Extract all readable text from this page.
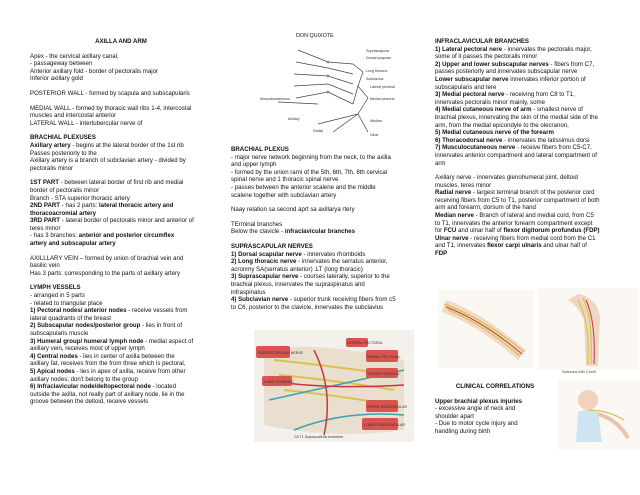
DON QUIXOTE
AXILLA AND ARM
Apex - the cervical axillary canal,
- passageway between
Anterior axillary fold - border of pectoralis major
Inferior axillary gold
POSTERIOR WALL - formed by scapula and subscapularis
MEDIAL WALL - formed by thoracic wall ribs 1-4, intercostal
muscles and intercostal anterior
LATERAL WALL - intertubercular nerve of
BRACHIAL PLEXUSES
Axillary artery - begins at the lateral border of the 1st rib
Passes posteriorly to the
Axillary artery is a branch of subclavian artery - divided by
pectoralis minor
1ST PART - between lateral border of first rib and medial
border of pectoralis minor
Branch - STA superior thoracic artery
2ND PART - has 2 parts: lateral thoracic artery and thoracoacromial artery
3RD PART - lateral border of pectoralis minor and anterior of
teres minor
- has 3 branches: anterior and posterior circumflex
artery and subscapular artery
AXILLLARY VEIN – formed by union of brachial vein and
basilic vein
Has 3 parts: corresponding to the parts of axillary artery
LYMPH VESSELS
- arranged in 5 parts
- related to triangular place
1) Pectoral nodes/ anterior nodes - receive vessels from
lateral quadrants of the breast
2) Subscapular nodes/posterior group - lies in front of
subscapularis muscle
3) Humeral group/ humeral lymph node - medial aspect of
axillary vein, receives most of upper lymph
4) Central nodes - lies in center of axilla between the
axillary fat, receives from the from three which is pectoral,
5) Apical nodes - lies in apex of axilla, receive from other
axillary nodes; don't belong to the group
6) Infraclavicular node/deltopectoral node - located
outside the axilla, not really part of axillary node, lie in the
groove between the deltoid, receive vessels
Suprascapular
Dorsal scapular
Long thoracic
Subclavius
Lateral pectoral
Medial pectoral
Musculocutaneous
Axillary
Radial
Median
Ulnar
BRACHIAL PLEXUS
- major nerve network beginning from the neck, to the axilla
and upper lymph
- formed by the union rami of the 5th, 6th, 7th, 8th cervical
spinal nerve and 1 thoracic spinal nerve
- passes between the anterior scalene and the middle
scalene together with subclavian artery
Naay relation sa second aprt sa axillarya rtery
TErminal branches
Below the clavicle - infraclavicular branches
SUPRASCAPULAR NERVES
1) Dorsal scapular nerve - innervates rhomboids
2) Long thoracic nerve - innervates the serratus anterior,
acronmy SA(serratus anterior) .LT (long thoracic)
3) Suprascapular nerve - courses laterally, superior to the
brachial plexus, innervates the supraspinatus and
infraspinatus
4) Subclavian nerve - superior trunk receiving fibers from c5
to C6, posterior to the clavicle, innervates the subclavius
SUPRASCAPULAR NERVE
LATERAL PECTORAL
MEDIAL PECTORAL
THORACODORSAL
LONG THORACIC
UPPER SUBSCAPULAR
LOWER SUBSCAPULAR
C8 T1 Suprascalenic branches
INFRACLAVICULAR BRANCHES
1) Lateral pectoral nere - innervates the pectoralis major,
some of it passes the pectoralis minor
2) Upper and lower subscapular nerves - fibers from C7,
passes posteriorly and innervates subscapular nerve
Lower subscapular nerve innervates inferior portion of
subscapularis and tere
3) Medial pectoral nerve - receiving from C8 to T1,
innervates pectoralis minor mainly, some
4) Medial cutaneous nerve of arm - smallest nerve of
brachial plexus, innervating the skin of the medial side of the
arm, from the medial epicondyle to the olecranon,
5) Medial cutaneous nerve of the forearm
6) Thoracodorsal nerve - innervates the latissimus dorsi
7) Musculocutaneous nerve - receive fibers from C5-C7,
innervates anterior compartment and lateral compartment of
arm
Axillary nerve - innervates glenohumeral joint, deltoid
muscles, teres minor
Radial nerve - largest terminal branch of the posterior cord
receiving fibers from C5 to T1, posterior compartment of both
arm and forearm, dorsum of the hand
Median nerve - Branch of lateral and medial cord, from C5
to T1, innervates the anterior forearm compartment except
for FCU and ulnar half of flexor digitorum profundus (FDP)
Ulnar nerve - receiving fibers from medial cord from the C1
and T1, innervates flexor carpi ulnaris and ulnar half of
FDP
Scanned with CamS
CLINICAL CORRELATIONS
Upper brachial plexus injuries
- excessive angle of neck and
shoulder apart
- Due to motor cycle injury and
handling during birth
